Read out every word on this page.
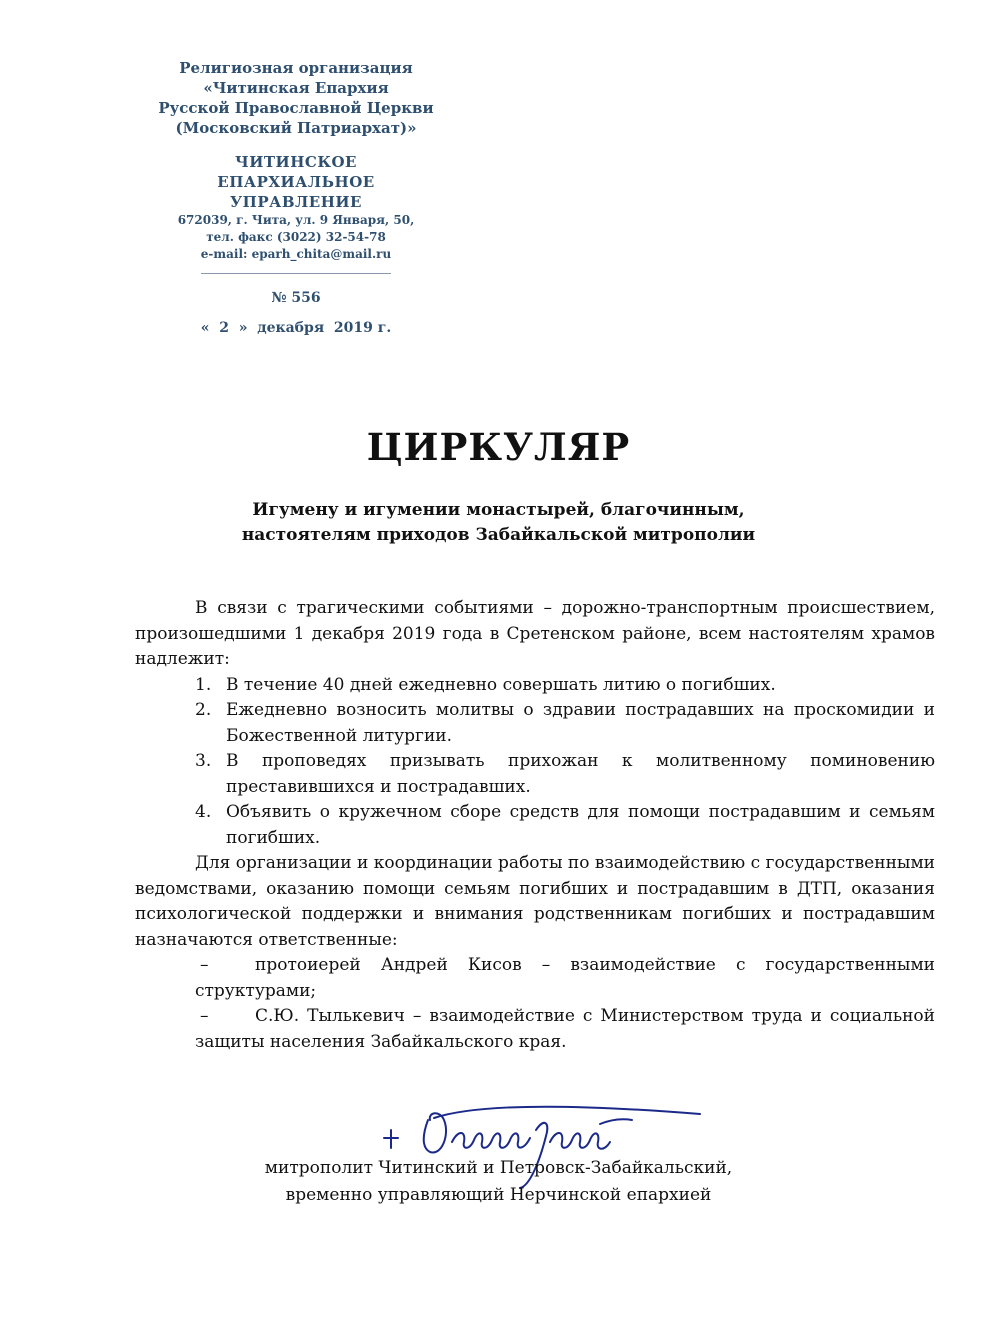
Религиозная организация
«Читинская Епархия
Русской Православной Церкви
(Московский Патриархат)»
ЧИТИНСКОЕ
ЕПАРХИАЛЬНОЕ УПРАВЛЕНИЕ
672039, г. Чита, ул. 9 Января, 50,
тел. факс (3022) 32-54-78
e-mail: eparh_chita@mail.ru
№ 556
«  2  »  декабря  2019 г.
ЦИРКУЛЯР
Игумену и игумении монастырей, благочинным,
настоятелям приходов Забайкальской митрополии

В связи с трагическими событиями – дорожно-транспортным происшествием, произошедшими 1 декабря 2019 года в Сретенском районе, всем настоятелям храмов надлежит:

1. В течение 40 дней ежедневно совершать литию о погибших.
2. Ежедневно возносить молитвы о здравии пострадавших на проскомидии и Божественной литургии.
3. В проповедях призывать прихожан к молитвенному поминовению преставившихся и пострадавших.
4. Объявить о кружечном сборе средств для помощи пострадавшим и семьям погибших.

Для организации и координации работы по взаимодействию с государственными ведомствами, оказанию помощи семьям погибших и пострадавшим в ДТП, оказания психологической поддержки и внимания родственникам погибших и пострадавшим назначаются ответственные:

–	протоиерей Андрей Кисов – взаимодействие с государственными структурами;
–	С.Ю. Тылькевич – взаимодействие с Министерством труда и социальной защиты населения Забайкальского края.
митрополит Читинский и Петровск-Забайкальский,
временно управляющий Нерчинской епархией
